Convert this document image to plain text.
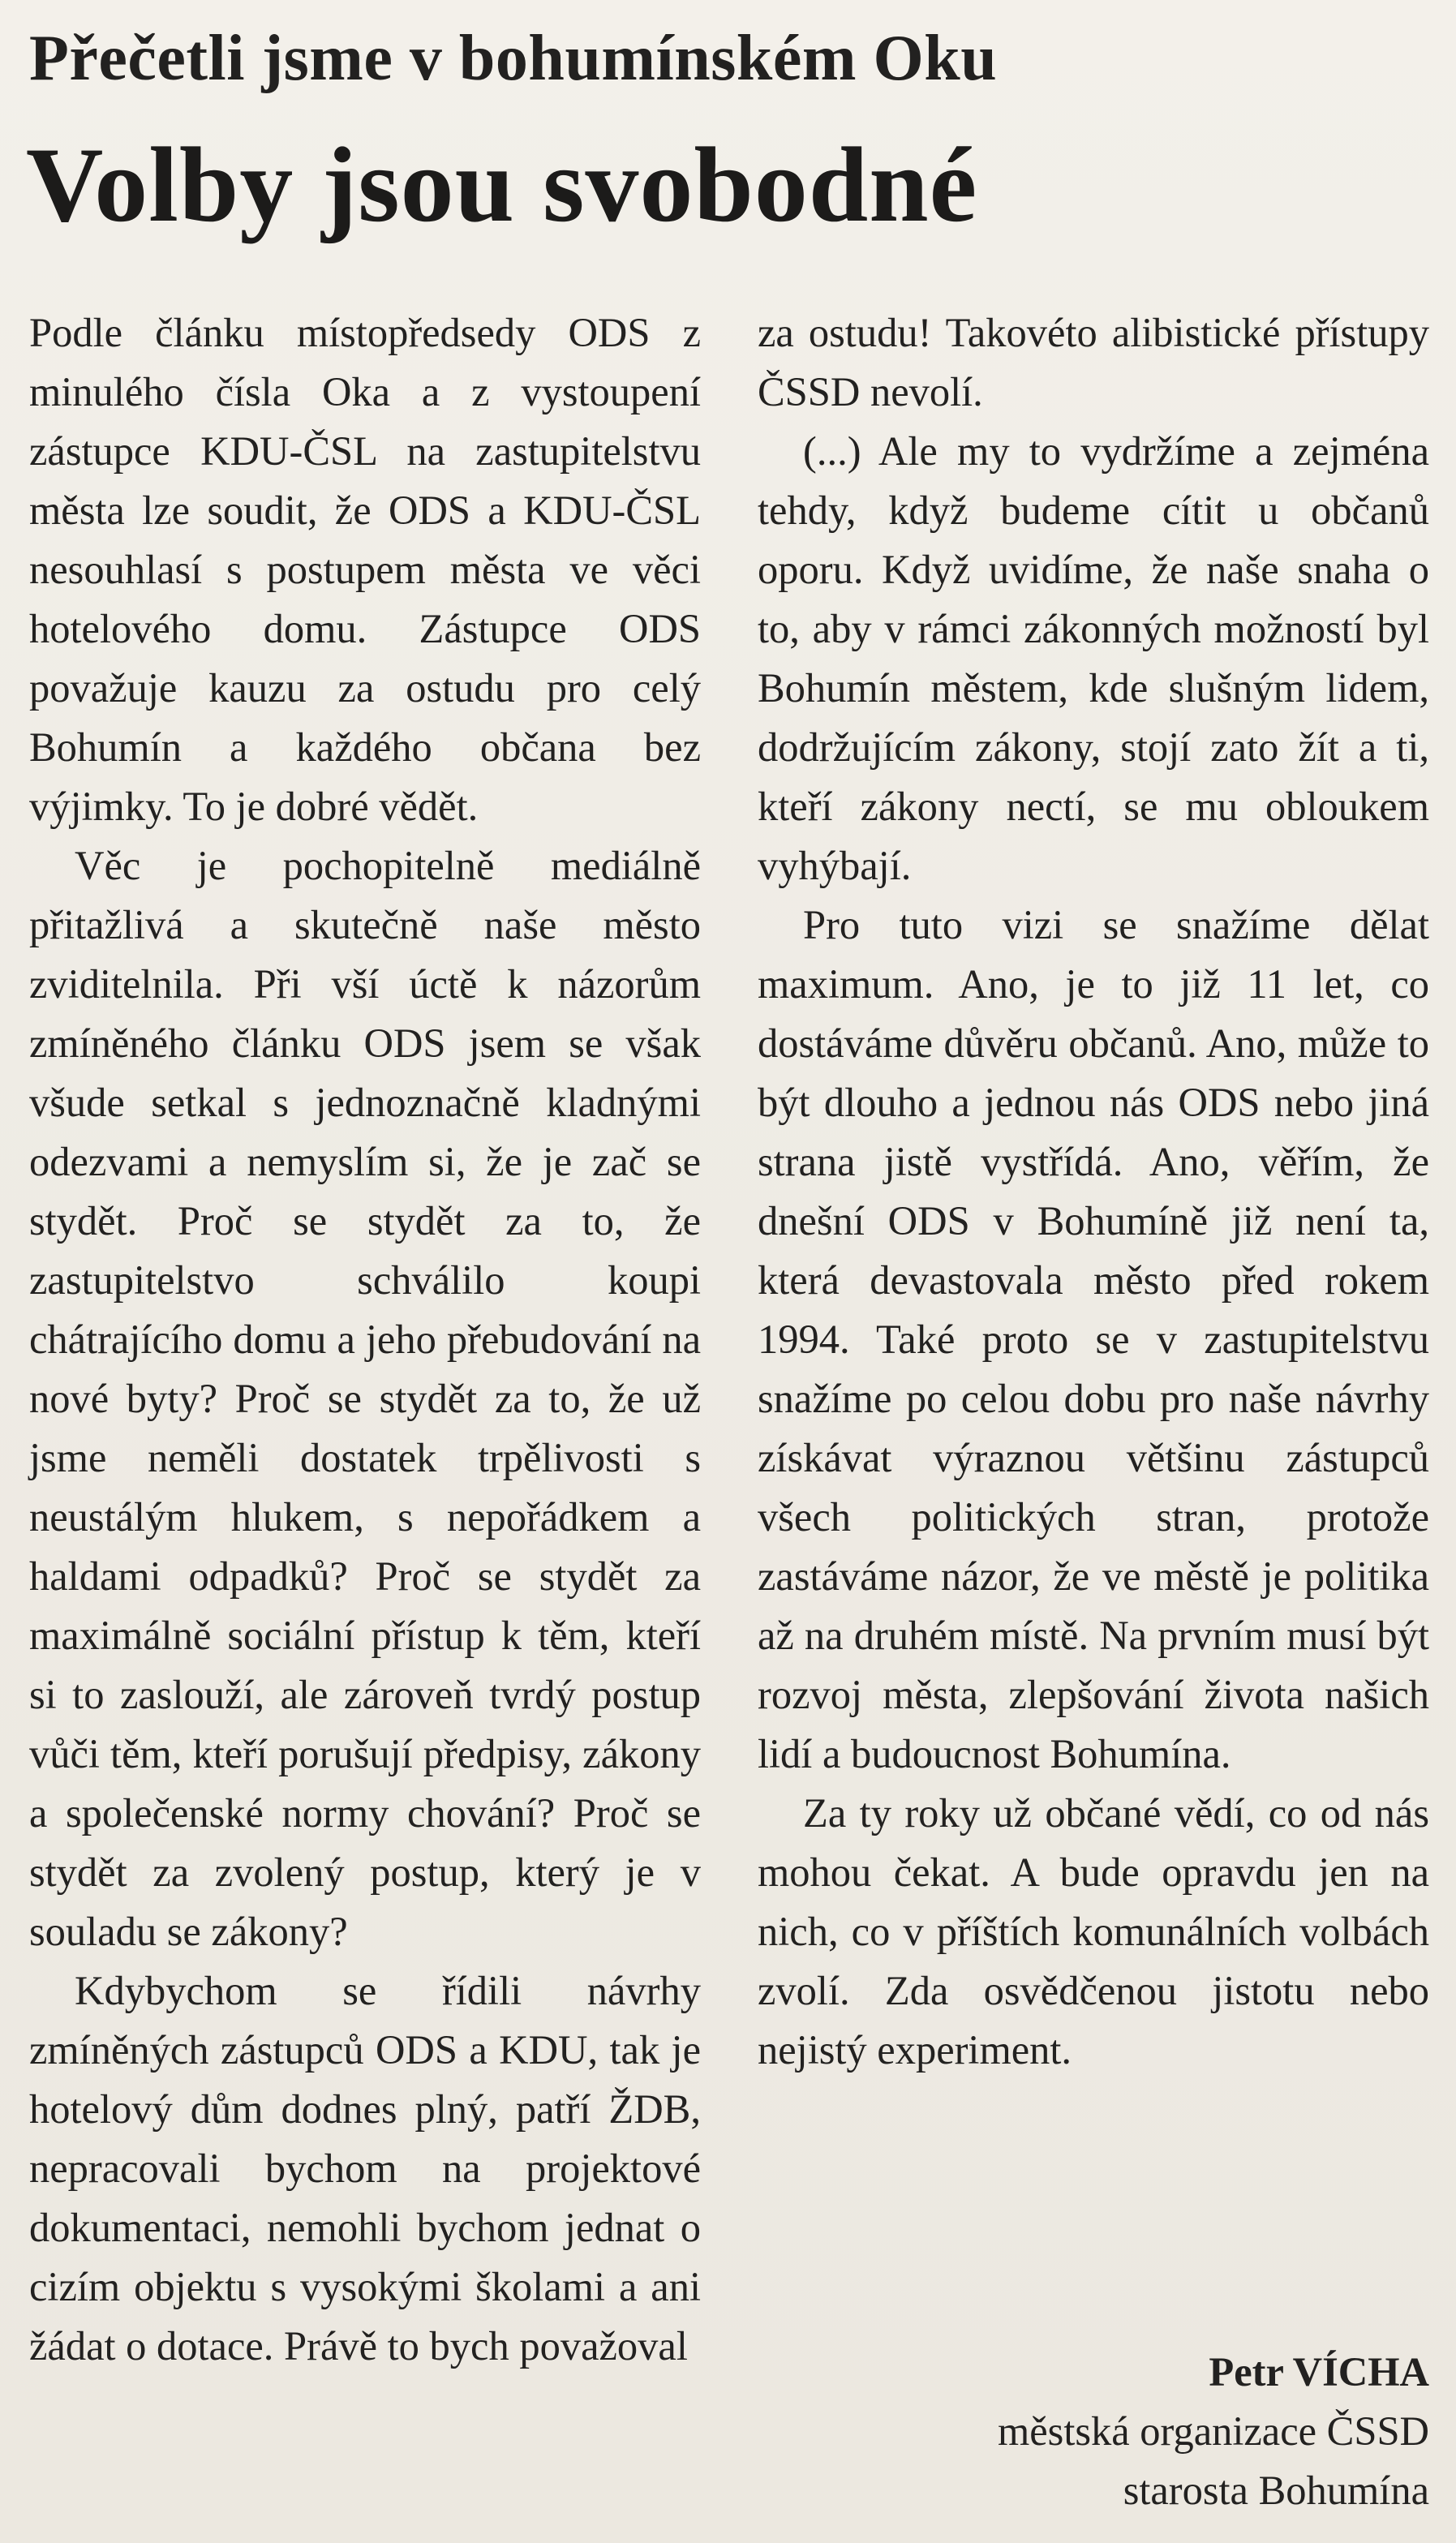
Přečetli jsme v bohumínském Oku
Volby jsou svobodné

Podle článku místopředsedy ODS z minulého čísla Oka a z vystoupení zástupce KDU-ČSL na zastupitelstvu města lze soudit, že ODS a KDU-ČSL nesouhlasí s postupem města ve věci hotelového domu. Zástupce ODS považuje kauzu za ostudu pro celý Bohumín a každého občana bez výjimky. To je dobré vědět.

Věc je pochopitelně mediálně přitažlivá a skutečně naše město zviditelnila. Při vší úctě k názorům zmíněného článku ODS jsem se však všude setkal s jednoznačně kladnými odezvami a nemyslím si, že je zač se stydět. Proč se stydět za to, že zastupitelstvo schválilo koupi chátrajícího domu a jeho přebudování na nové byty? Proč se stydět za to, že už jsme neměli dostatek trpělivosti s neustálým hlukem, s nepořádkem a haldami odpadků? Proč se stydět za maximálně sociální přístup k těm, kteří si to zaslouží, ale zároveň tvrdý postup vůči těm, kteří porušují předpisy, zákony a společenské normy chování? Proč se stydět za zvolený postup, který je v souladu se zákony?

Kdybychom se řídili návrhy zmíněných zástupců ODS a KDU, tak je hotelový dům dodnes plný, patří ŽDB, nepracovali bychom na projektové dokumentaci, nemohli bychom jednat o cizím objektu s vysokými školami a ani žádat o dotace. Právě to bych považoval

za ostudu! Takovéto alibistické přístupy ČSSD nevolí.

(...) Ale my to vydržíme a zejména tehdy, když budeme cítit u občanů oporu. Když uvidíme, že naše snaha o to, aby v rámci zákonných možností byl Bohumín městem, kde slušným lidem, dodržujícím zákony, stojí zato žít a ti, kteří zákony nectí, se mu obloukem vyhýbají.

Pro tuto vizi se snažíme dělat maximum. Ano, je to již 11 let, co dostáváme důvěru občanů. Ano, může to být dlouho a jednou nás ODS nebo jiná strana jistě vystřídá. Ano, věřím, že dnešní ODS v Bohumíně již není ta, která devastovala město před rokem 1994. Také proto se v zastupitelstvu snažíme po celou dobu pro naše návrhy získávat výraznou většinu zástupců všech politických stran, protože zastáváme názor, že ve městě je politika až na druhém místě. Na prvním musí být rozvoj města, zlepšování života našich lidí a budoucnost Bohumína.

Za ty roky už občané vědí, co od nás mohou čekat. A bude opravdu jen na nich, co v příštích komunálních volbách zvolí. Zda osvědčenou jistotu nebo nejistý experiment.

Petr VÍCHA
městská organizace ČSSD
starosta Bohumína
